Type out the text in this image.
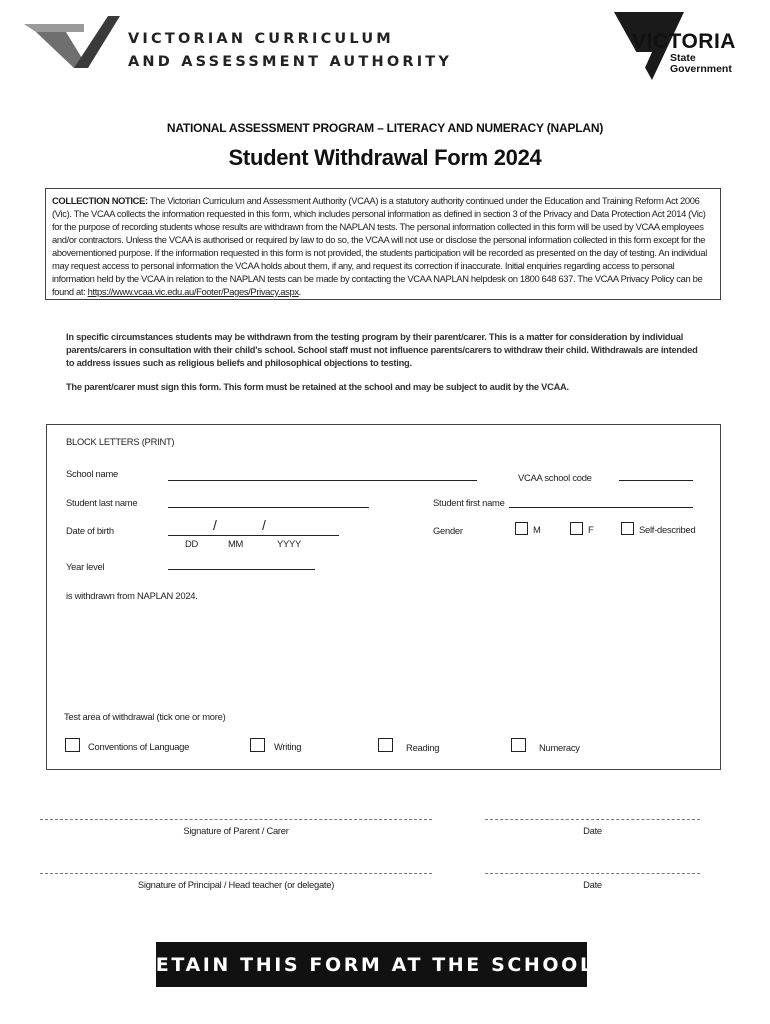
VICTORIAN CURRICULUM
AND ASSESSMENT AUTHORITY
VICTORIA
State
Government
NATIONAL ASSESSMENT PROGRAM – LITERACY AND NUMERACY (NAPLAN)
Student Withdrawal Form 2024
COLLECTION NOTICE: The Victorian Curriculum and Assessment Authority (VCAA) is a statutory authority continued under the Education and Training Reform Act 2006 (Vic). The VCAA collects the information requested in this form, which includes personal information as defined in section 3 of the Privacy and Data Protection Act 2014 (Vic) for the purpose of recording students whose results are withdrawn from the NAPLAN tests. The personal information collected in this form will be used by VCAA employees and/or contractors. Unless the VCAA is authorised or required by law to do so, the VCAA will not use or disclose the personal information collected in this form except for the abovementioned purpose. If the information requested in this form is not provided, the students participation will be recorded as presented on the day of testing. An individual may request access to personal information the VCAA holds about them, if any, and request its correction if inaccurate. Initial enquiries regarding access to personal information held by the VCAA in relation to the NAPLAN tests can be made by contacting the VCAA NAPLAN helpdesk on 1800 648 637. The VCAA Privacy Policy can be found at: https://www.vcaa.vic.edu.au/Footer/Pages/Privacy.aspx.
In specific circumstances students may be withdrawn from the testing program by their parent/carer. This is a matter for consideration by individual parents/carers in consultation with their child's school. School staff must not influence parents/carers to withdraw their child. Withdrawals are intended to address issues such as religious beliefs and philosophical objections to testing.
The parent/carer must sign this form. This form must be retained at the school and may be subject to audit by the VCAA.
BLOCK LETTERS (PRINT)
School name	VCAA school code
Student last name	Student first name
Date of birth	/	/
DD	MM	YYYY
Gender	M	F	Self-described
Year level
is withdrawn from NAPLAN 2024.
Test area of withdrawal (tick one or more)
Conventions of Language	Writing	Reading	Numeracy
Signature of Parent / Carer	Date
Signature of Principal / Head teacher (or delegate)	Date
RETAIN THIS FORM AT THE SCHOOL.
